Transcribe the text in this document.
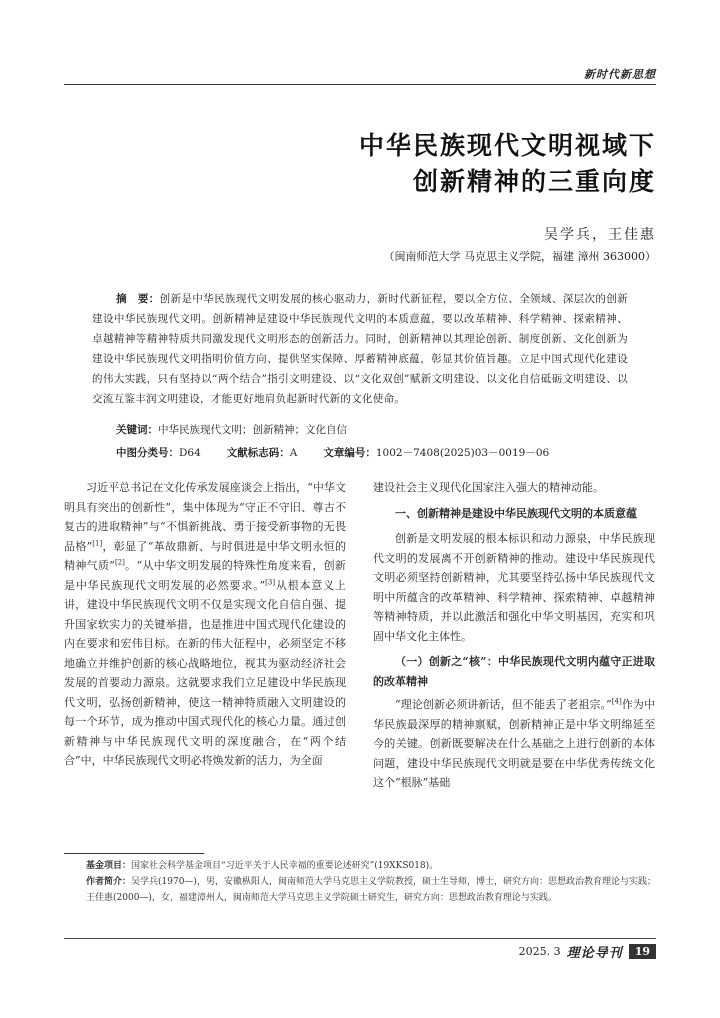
新时代新思想
中华民族现代文明视域下
创新精神的三重向度
吴学兵，王佳惠
（闽南师范大学 马克思主义学院，福建 漳州 363000）
摘　要：创新是中华民族现代文明发展的核心驱动力，新时代新征程，要以全方位、全领域、深层次的创新建设中华民族现代文明。创新精神是建设中华民族现代文明的本质意蕴，要以改革精神、科学精神、探索精神、卓越精神等精神特质共同激发现代文明形态的创新活力。同时，创新精神以其理论创新、制度创新、文化创新为建设中华民族现代文明指明价值方向、提供坚实保障、厚蓄精神底蕴，彰显其价值旨趣。立足中国式现代化建设的伟大实践，只有坚持以“两个结合”指引文明建设、以“文化双创”赋新文明建设、以文化自信砥砺文明建设、以交流互鉴丰润文明建设，才能更好地肩负起新时代新的文化使命。
关键词：中华民族现代文明；创新精神；文化自信
中图分类号：D64 文献标志码：A 文章编号：1002－7408(2025)03－0019－06

习近平总书记在文化传承发展座谈会上指出，“中华文明具有突出的创新性”，集中体现为“守正不守旧、尊古不复古的进取精神”与“不惧新挑战、勇于接受新事物的无畏品格”[1]，彰显了“革故鼎新、与时俱进是中华文明永恒的精神气质”[2]。“从中华文明发展的特殊性角度来看，创新是中华民族现代文明发展的必然要求。”[3]从根本意义上讲，建设中华民族现代文明不仅是实现文化自信自强、提升国家软实力的关键举措，也是推进中国式现代化建设的内在要求和宏伟目标。在新的伟大征程中，必须坚定不移地确立并维护创新的核心战略地位，视其为驱动经济社会发展的首要动力源泉。这就要求我们立足建设中华民族现代文明，弘扬创新精神，使这一精神特质融入文明建设的每一个环节，成为推动中国式现代化的核心力量。通过创新精神与中华民族现代文明的深度融合，在“两个结合”中，中华民族现代文明必将焕发新的活力，为全面

建设社会主义现代化国家注入强大的精神动能。

一、创新精神是建设中华民族现代文明的本质意蕴

创新是文明发展的根本标识和动力源泉，中华民族现代文明的发展离不开创新精神的推动。建设中华民族现代文明必须坚持创新精神，尤其要坚持弘扬中华民族现代文明中所蕴含的改革精神、科学精神、探索精神、卓越精神等精神特质，并以此激活和强化中华文明基因，充实和巩固中华文化主体性。

（一）创新之“核”：中华民族现代文明内蕴守正进取的改革精神

“理论创新必须讲新话，但不能丢了老祖宗。”[4]作为中华民族最深厚的精神禀赋，创新精神正是中华文明绵延至今的关键。创新既要解决在什么基础之上进行创新的本体问题，建设中华民族现代文明就是要在中华优秀传统文化这个“根脉”基础

基金项目：国家社会科学基金项目“习近平关于人民幸福的重要论述研究”(19XKS018)。
作者简介：吴学兵(1970—)，男，安徽枞阳人，闽南师范大学马克思主义学院教授，硕士生导师，博士，研究方向：思想政治教育理论与实践；王佳惠(2000—)，女，福建漳州人，闽南师范大学马克思主义学院硕士研究生，研究方向：思想政治教育理论与实践。
2025. 3 理论导刊	19
